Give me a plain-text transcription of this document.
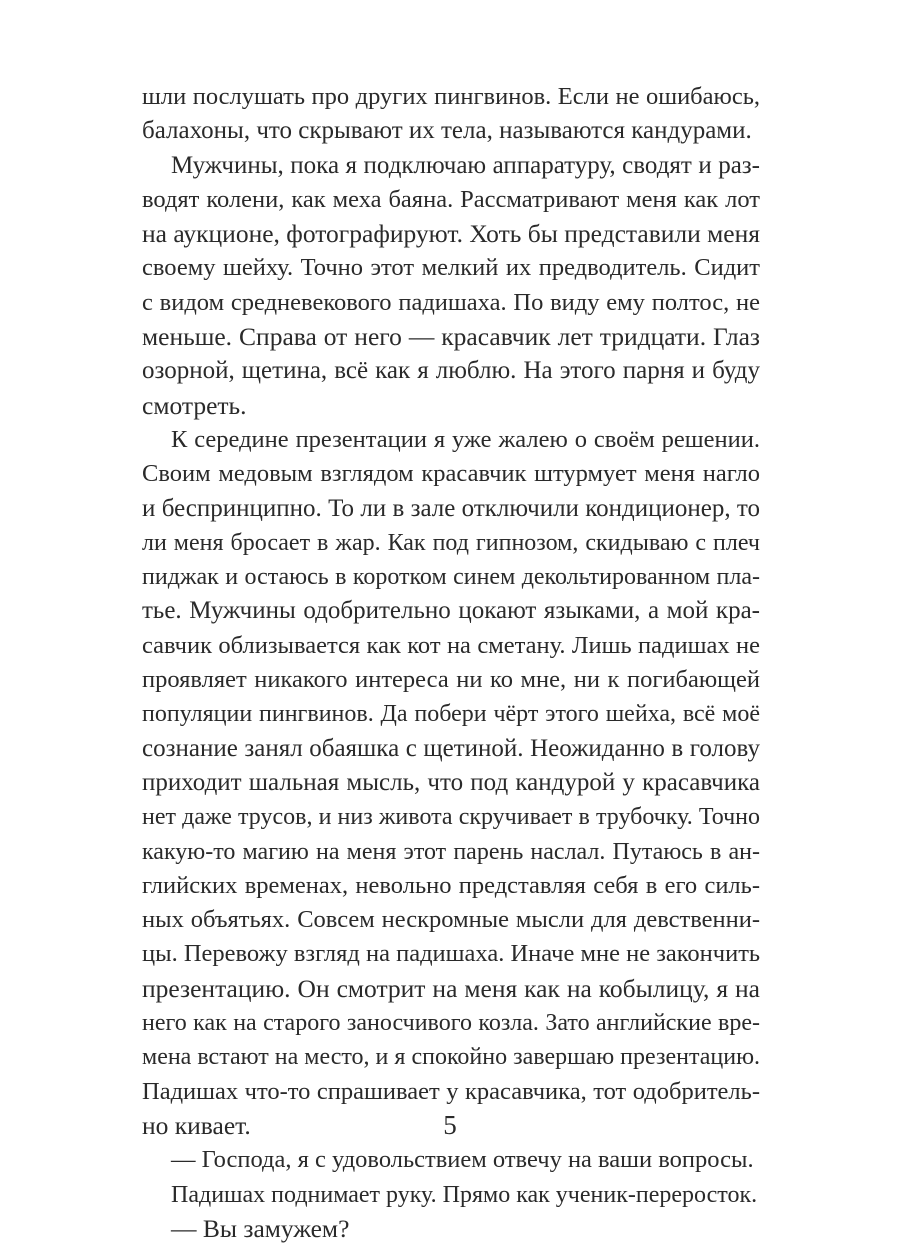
шли послушать про других пингвинов. Если не ошибаюсь,
балахоны, что скрывают их тела, называются кандурами.
Мужчины, пока я подключаю аппаратуру, сводят и раз-
водят колени, как меха баяна. Рассматривают меня как лот
на аукционе, фотографируют. Хоть бы представили меня
своему шейху. Точно этот мелкий их предводитель. Сидит
с видом средневекового падишаха. По виду ему полтос, не
меньше. Справа от него — красавчик лет тридцати. Глаз
озорной, щетина, всё как я люблю. На этого парня и буду
смотреть.
К середине презентации я уже жалею о своём решении.
Своим медовым взглядом красавчик штурмует меня нагло
и беспринципно. То ли в зале отключили кондиционер, то
ли меня бросает в жар. Как под гипнозом, скидываю с плеч
пиджак и остаюсь в коротком синем декольтированном пла-
тье. Мужчины одобрительно цокают языками, а мой кра-
савчик облизывается как кот на сметану. Лишь падишах не
проявляет никакого интереса ни ко мне, ни к погибающей
популяции пингвинов. Да побери чёрт этого шейха, всё моё
сознание занял обаяшка с щетиной. Неожиданно в голову
приходит шальная мысль, что под кандурой у красавчика
нет даже трусов, и низ живота скручивает в трубочку. Точно
какую-то магию на меня этот парень наслал. Путаюсь в ан-
глийских временах, невольно представляя себя в его силь-
ных объятьях. Совсем нескромные мысли для девственни-
цы. Перевожу взгляд на падишаха. Иначе мне не закончить
презентацию. Он смотрит на меня как на кобылицу, я на
него как на старого заносчивого козла. Зато английские вре-
мена встают на место, и я спокойно завершаю презентацию.
Падишах что-то спрашивает у красавчика, тот одобритель-
но кивает.
— Господа, я с удовольствием отвечу на ваши вопросы.
Падишах поднимает руку. Прямо как ученик-переросток.
— Вы замужем?
5
